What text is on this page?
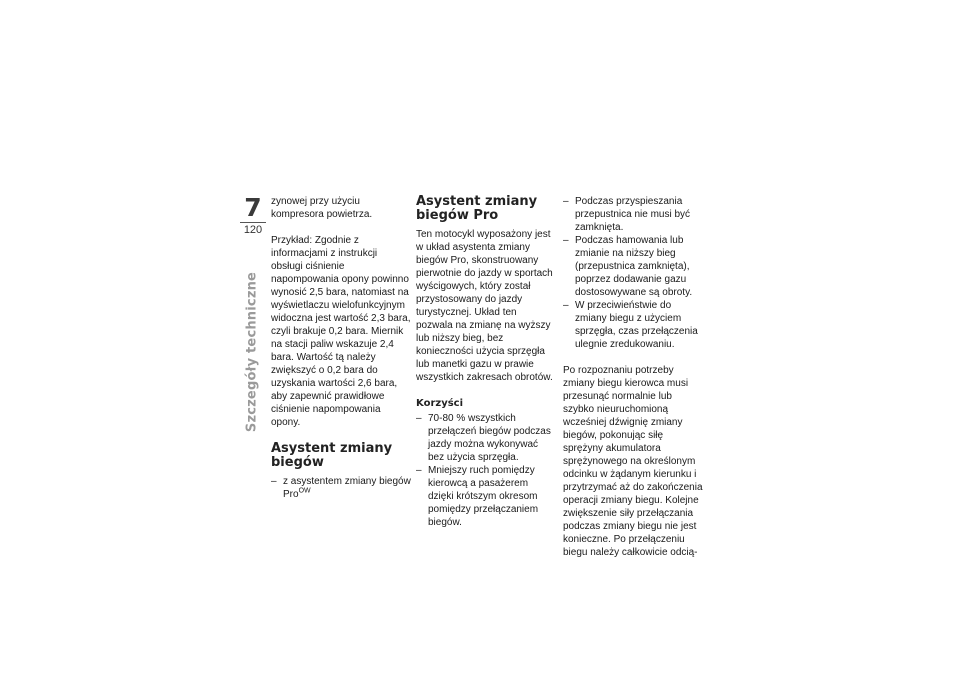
7
120
Szczegóły techniczne

zynowej przy użyciu kompresora powietrza.

Przykład: Zgodnie z informacjami z instrukcji obsługi ciśnienie napompowania opony powinno wynosić 2,5 bara, natomiast na wyświetlaczu wielofunkcyjnym widoczna jest wartość 2,3 bara, czyli brakuje 0,2 bara. Miernik na stacji paliw wskazuje 2,4 bara. Wartość tą należy zwiększyć o 0,2 bara do uzyskania wartości 2,6 bara, aby zapewnić prawidłowe ciśnienie napompowania opony.

Asystent zmiany biegów
– z asystentem zmiany biegów Pro$^{OW}$
Asystent zmiany biegów Pro

Ten motocykl wyposażony jest w układ asystenta zmiany biegów Pro, skonstruowany pierwotnie do jazdy w sportach wyścigowych, który został przystosowany do jazdy turystycznej. Układ ten pozwala na zmianę na wyższy lub niższy bieg, bez konieczności użycia sprzęgła lub manetki gazu w prawie wszystkich zakresach obrotów.

Korzyści
– 70-80 % wszystkich przełączeń biegów podczas jazdy można wykonywać bez użycia sprzęgła.
– Mniejszy ruch pomiędzy kierowcą a pasażerem dzięki krótszym okresom pomiędzy przełączaniem biegów.
– Podczas przyspieszania przepustnica nie musi być zamknięta.
– Podczas hamowania lub zmianie na niższy bieg (przepustnica zamknięta), poprzez dodawanie gazu dostosowywane są obroty.
– W przeciwieństwie do zmiany biegu z użyciem sprzęgła, czas przełączenia ulegnie zredukowaniu.

Po rozpoznaniu potrzeby zmiany biegu kierowca musi przesunąć normalnie lub szybko nieuruchomioną wcześniej dźwignię zmiany biegów, pokonując siłę sprężyny akumulatora sprężynowego na określonym odcinku w żądanym kierunku i przytrzymać aż do zakończenia operacji zmiany biegu. Kolejne zwiększenie siły przełączania podczas zmiany biegu nie jest konieczne. Po przełączeniu biegu należy całkowicie odcią-
